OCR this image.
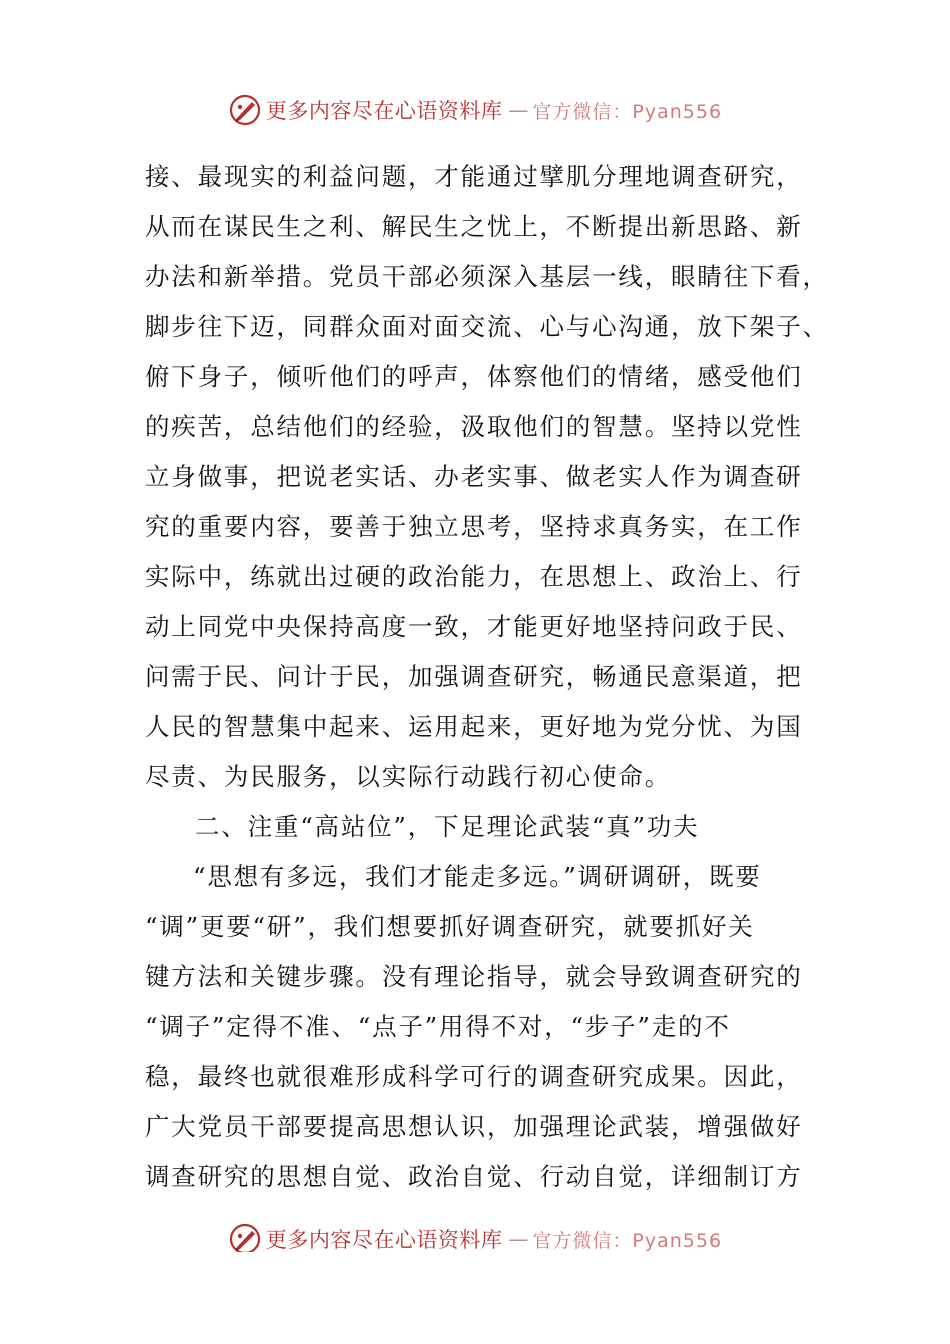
更多内容尽在心语资料库 — 官方微信：Pyan556
接、最现实的利益问题，才能通过擘肌分理地调查研究，
从而在谋民生之利、解民生之忧上，不断提出新思路、新
办法和新举措。党员干部必须深入基层一线，眼睛往下看，
脚步往下迈，同群众面对面交流、心与心沟通，放下架子、
俯下身子，倾听他们的呼声，体察他们的情绪，感受他们
的疾苦，总结他们的经验，汲取他们的智慧。坚持以党性
立身做事，把说老实话、办老实事、做老实人作为调查研
究的重要内容，要善于独立思考，坚持求真务实，在工作
实际中，练就出过硬的政治能力，在思想上、政治上、行
动上同党中央保持高度一致，才能更好地坚持问政于民、
问需于民、问计于民，加强调查研究，畅通民意渠道，把
人民的智慧集中起来、运用起来，更好地为党分忧、为国
尽责、为民服务，以实际行动践行初心使命。
二、注重“高站位”，下足理论武装“真”功夫
“思想有多远，我们才能走多远。”调研调研，既要
“调”更要“研”，我们想要抓好调查研究，就要抓好关
键方法和关键步骤。没有理论指导，就会导致调查研究的
“调子”定得不准、“点子”用得不对，“步子”走的不
稳，最终也就很难形成科学可行的调查研究成果。因此，
广大党员干部要提高思想认识，加强理论武装，增强做好
调查研究的思想自觉、政治自觉、行动自觉，详细制订方
更多内容尽在心语资料库 — 官方微信：Pyan556
